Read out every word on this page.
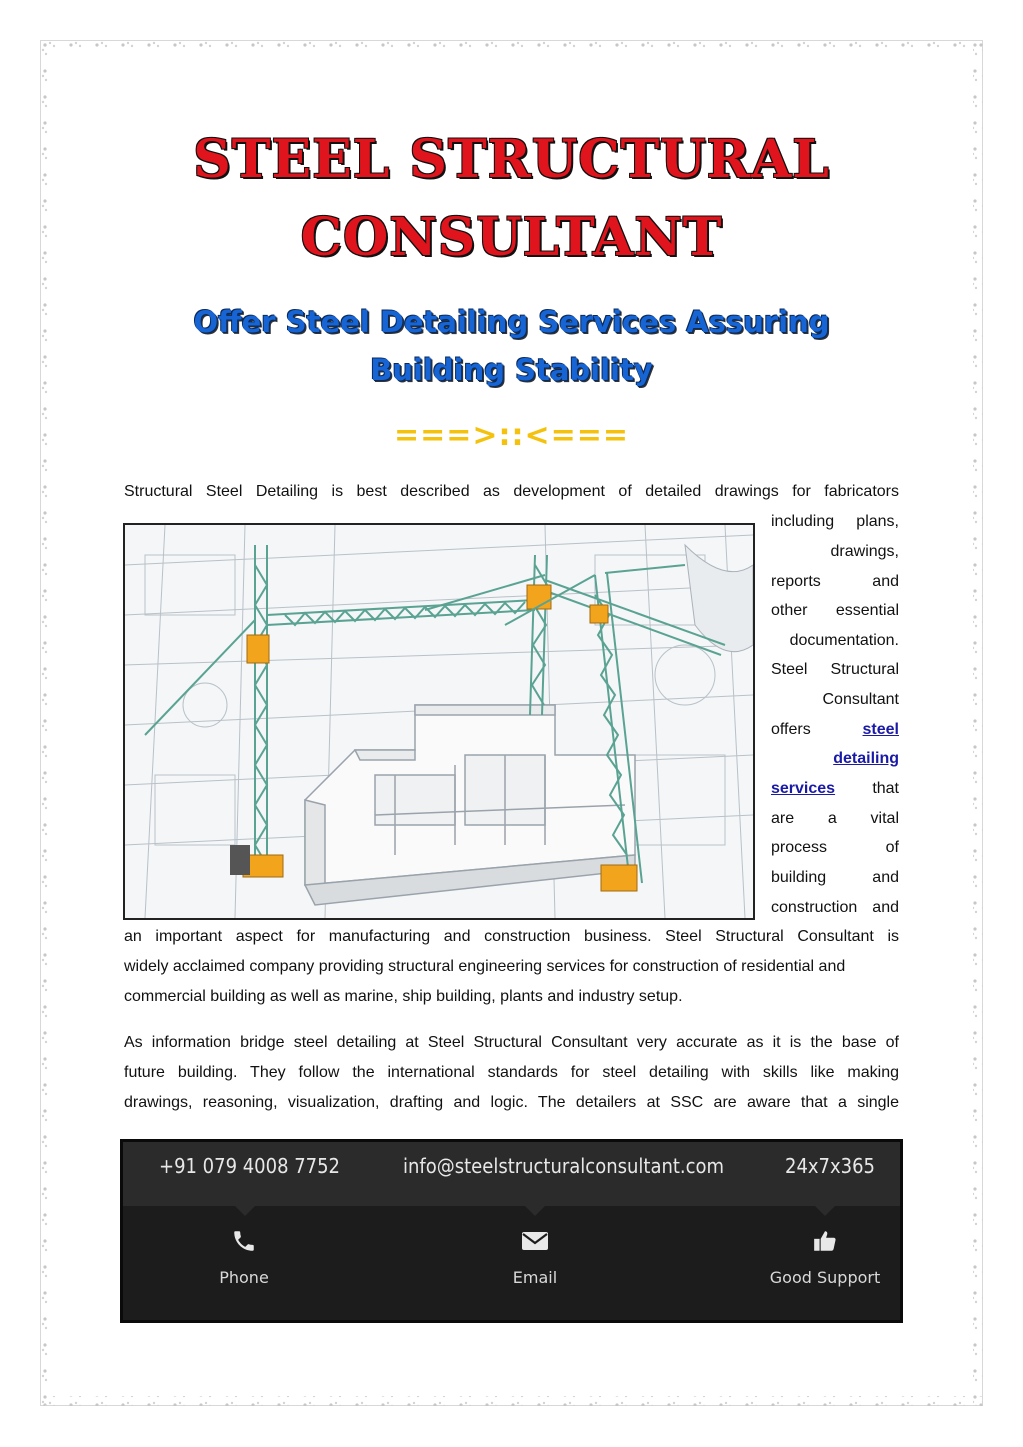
STEEL STRUCTURAL
CONSULTANT
Offer Steel Detailing Services Assuring
Building Stability
===>::<===
Structural Steel Detailing is best described as development of detailed drawings for fabricators
including plans,
drawings,
reports and
other essential
documentation.
Steel Structural
Consultant
offers	steel
detailing
services that
are a vital
process of
building and
construction and
an important aspect for manufacturing and construction business. Steel Structural Consultant is
widely acclaimed company providing structural engineering services for construction of residential and
commercial building as well as marine, ship building, plants and industry setup.
As information bridge steel detailing at Steel Structural Consultant very accurate as it is the base of
future building. They follow the international standards for steel detailing with skills like making
drawings, reasoning, visualization, drafting and logic. The detailers at SSC are aware that a single
+91 079 4008 7752	info@steelstructuralconsultant.com	24x7x365
Phone	Email	Good Support
